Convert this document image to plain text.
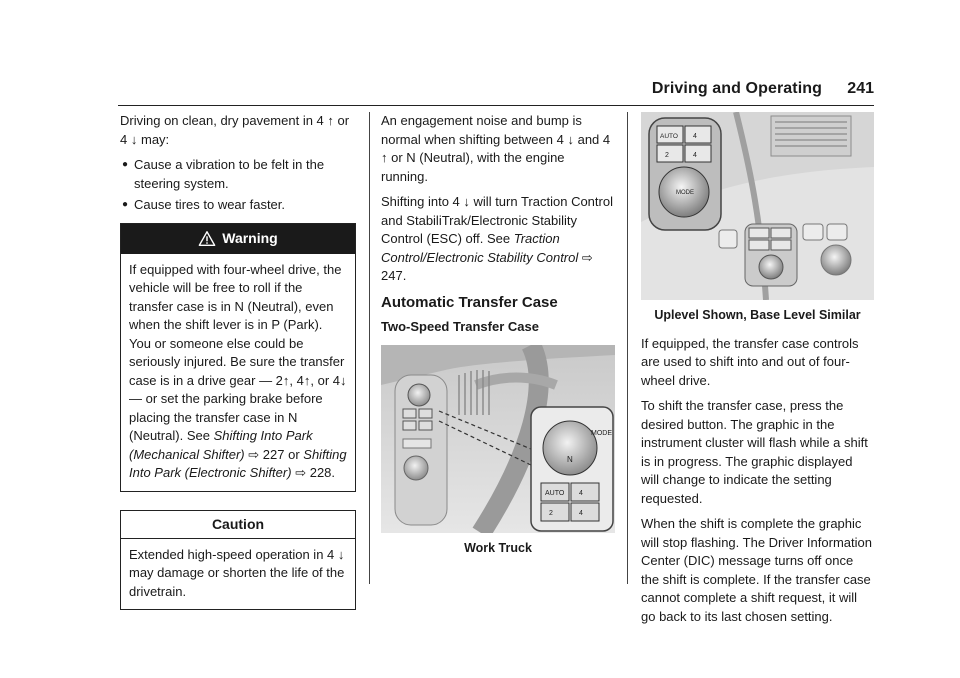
Driving and Operating 241

Driving on clean, dry pavement in 4 ↑ or
4 ↓ may:

● Cause a vibration to be felt in the steering system.
● Cause tires to wear faster.
Warning
If equipped with four-wheel drive, the vehicle will be free to roll if the transfer case is in N (Neutral), even when the shift lever is in P (Park). You or someone else could be seriously injured. Be sure the transfer case is in a drive gear — 2↑, 4↑, or 4↓ — or set the parking brake before placing the transfer case in N (Neutral). See Shifting Into Park (Mechanical Shifter) ⇨ 227 or Shifting Into Park (Electronic Shifter) ⇨ 228.
Caution
Extended high-speed operation in 4 ↓ may damage or shorten the life of the drivetrain.

An engagement noise and bump is normal when shifting between 4 ↓ and 4 ↑ or N (Neutral), with the engine running.

Shifting into 4 ↓ will turn Traction Control and StabiliTrak/Electronic Stability Control (ESC) off. See Traction Control/Electronic Stability Control ⇨ 247.

Automatic Transfer Case
Two-Speed Transfer Case
MODE
N
AUTO 4
2	4
Work Truck
AUTO 4
2	4
MODE
Uplevel Shown, Base Level Similar

If equipped, the transfer case controls are used to shift into and out of four-wheel drive.

To shift the transfer case, press the desired button. The graphic in the instrument cluster will flash while a shift is in progress. The graphic displayed will change to indicate the setting requested.

When the shift is complete the graphic will stop flashing. The Driver Information Center (DIC) message turns off once the shift is complete. If the transfer case cannot complete a shift request, it will go back to its last chosen setting.
